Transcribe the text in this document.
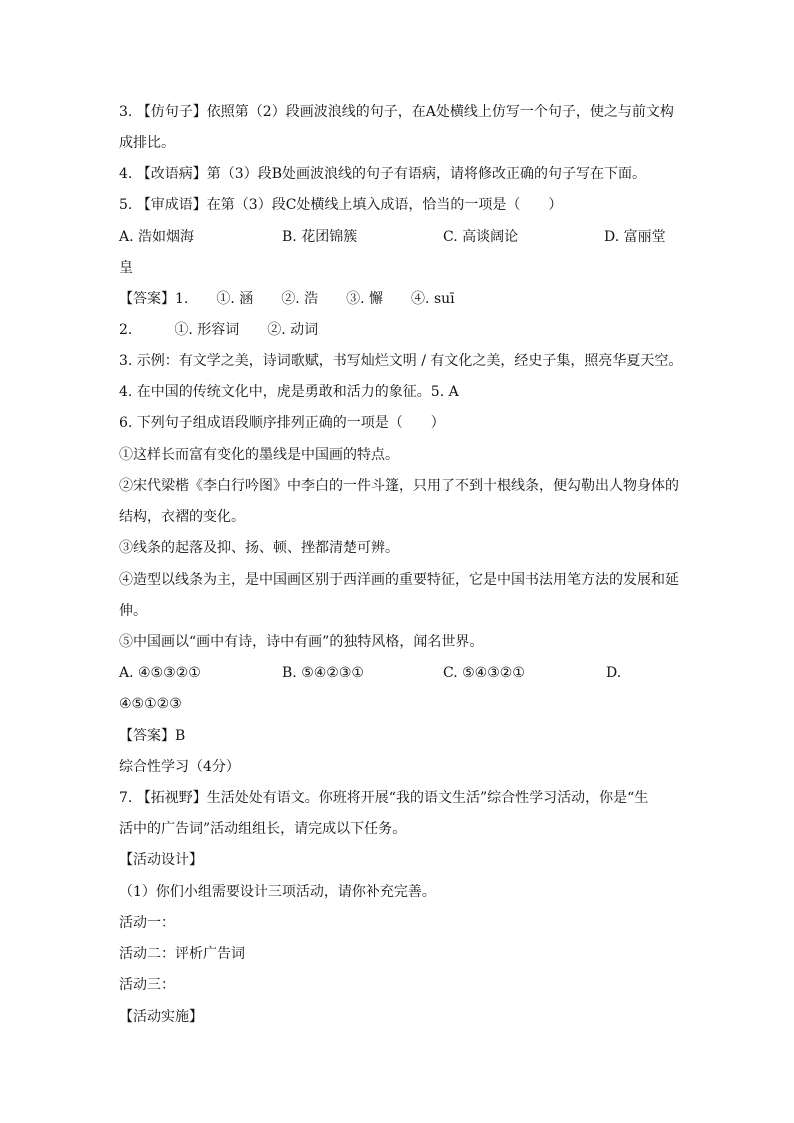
3. 【仿句子】依照第（2）段画波浪线的句子，在A处横线上仿写一个句子，使之与前文构
成排比。
4. 【改语病】第（3）段B处画波浪线的句子有语病，请将修改正确的句子写在下面。
5. 【审成语】在第（3）段C处横线上填入成语，恰当的一项是（　　）
A. 浩如烟海	B. 花团锦簇	C. 高谈阔论	D. 富丽堂
皇
【答案】1.　　①. 涵　　②. 浩　　③. 懈　　④. suī
2.　　　①. 形容词　　②. 动词
3. 示例：有文学之美，诗词歌赋，书写灿烂文明 / 有文化之美，经史子集，照亮华夏天空。
4. 在中国的传统文化中，虎是勇敢和活力的象征。5. A
6. 下列句子组成语段顺序排列正确的一项是（　　）
①这样长而富有变化的墨线是中国画的特点。
②宋代梁楷《李白行吟图》中李白的一件斗篷，只用了不到十根线条，便勾勒出人物身体的
结构，衣褶的变化。
③线条的起落及抑、扬、顿、挫都清楚可辨。
④造型以线条为主，是中国画区别于西洋画的重要特征，它是中国书法用笔方法的发展和延
伸。
⑤中国画以“画中有诗，诗中有画”的独特风格，闻名世界。
A. ④⑤③②①	B. ⑤④②③①	C. ⑤④③②①	D.
④⑤①②③
【答案】B
综合性学习（4分）
7. 【拓视野】生活处处有语文。你班将开展“我的语文生活”综合性学习活动，你是“生
活中的广告词”活动组组长，请完成以下任务。
【活动设计】
（1）你们小组需要设计三项活动，请你补充完善。
活动一：
活动二：评析广告词
活动三：
【活动实施】
